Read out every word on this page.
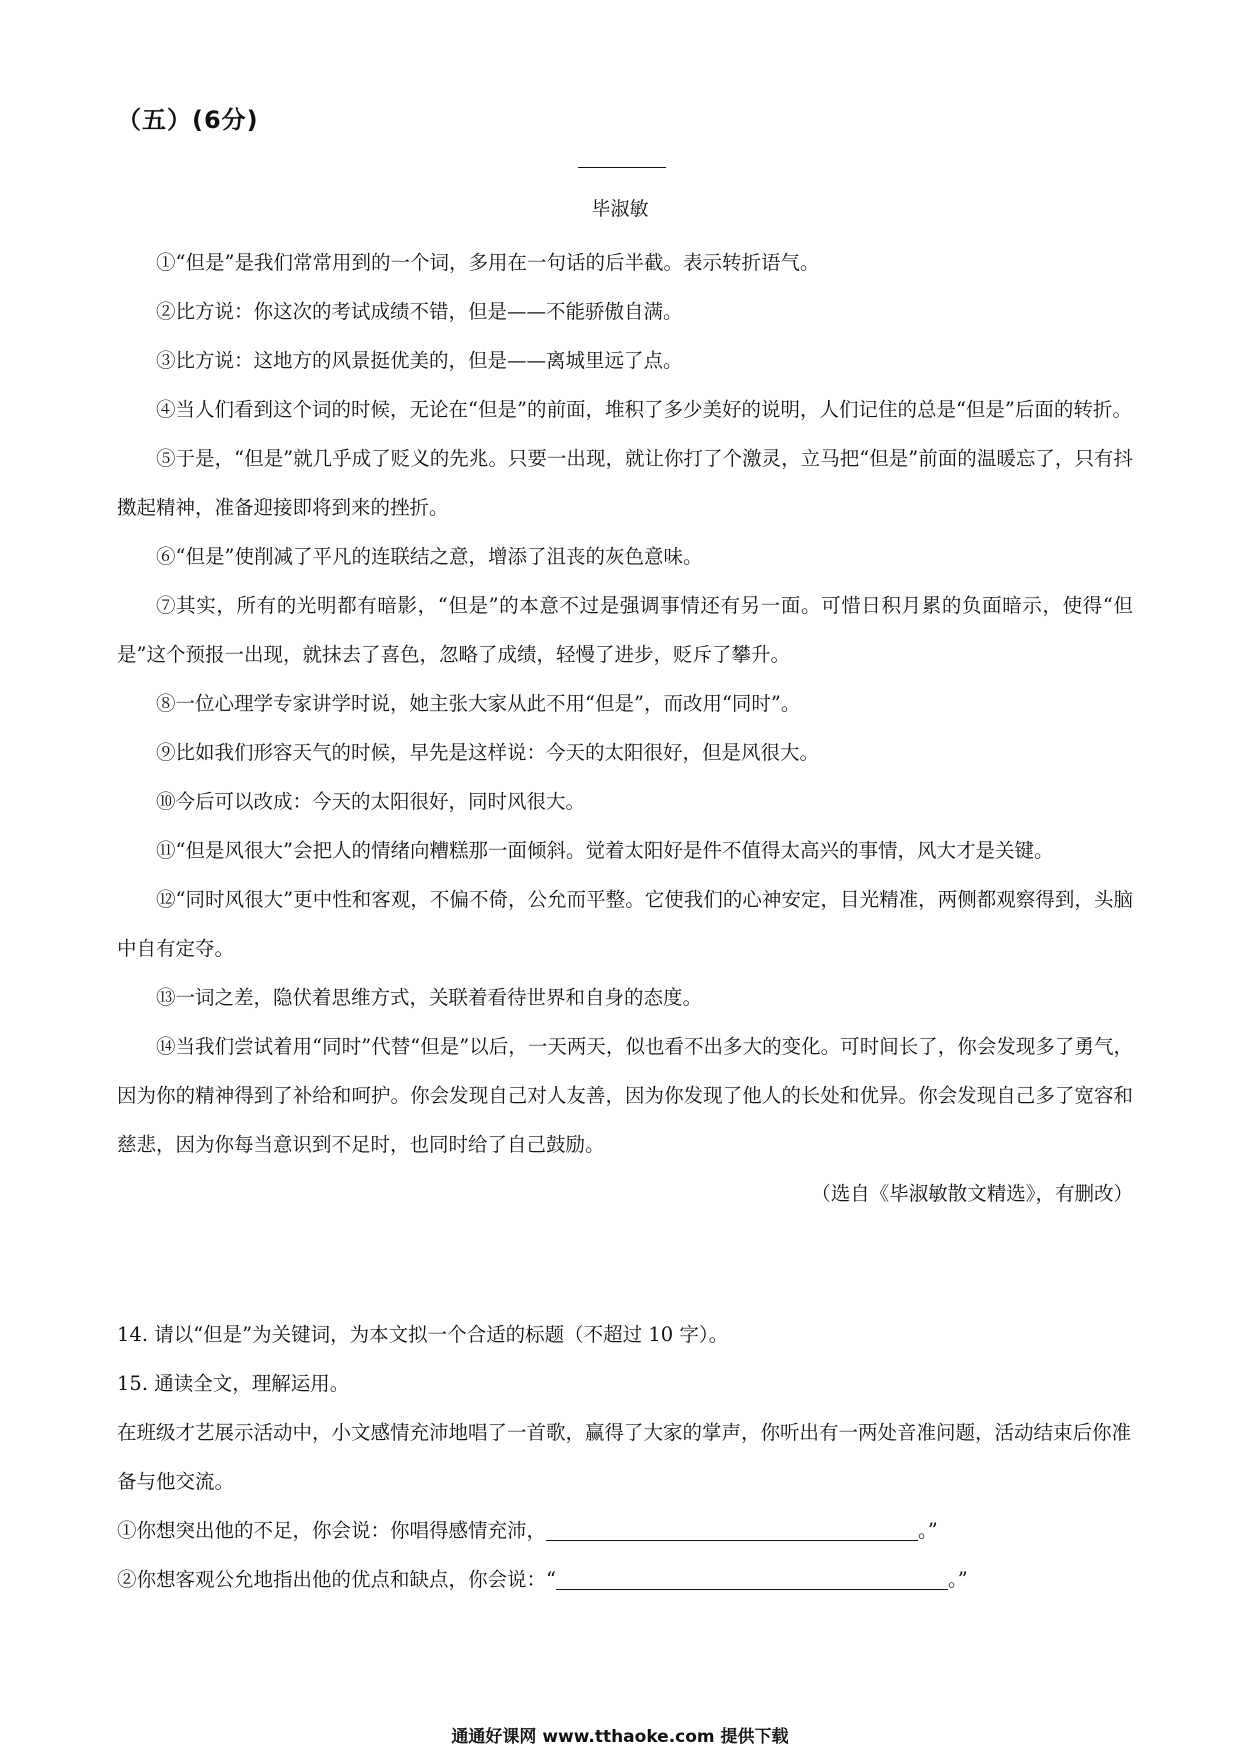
（五）(6分)
毕淑敏

①“但是”是我们常常用到的一个词，多用在一句话的后半截。表示转折语气。

②比方说：你这次的考试成绩不错，但是——不能骄傲自满。

③比方说：这地方的风景挺优美的，但是——离城里远了点。

④当人们看到这个词的时候，无论在“但是”的前面，堆积了多少美好的说明，人们记住的总是“但是”后面的转折。

⑤于是，“但是”就几乎成了贬义的先兆。只要一出现，就让你打了个激灵，立马把“但是”前面的温暖忘了，只有抖擞起精神，准备迎接即将到来的挫折。

⑥“但是”使削减了平凡的连联结之意，增添了沮丧的灰色意味。

⑦其实，所有的光明都有暗影，“但是”的本意不过是强调事情还有另一面。可惜日积月累的负面暗示，使得“但是”这个预报一出现，就抹去了喜色，忽略了成绩，轻慢了进步，贬斥了攀升。

⑧一位心理学专家讲学时说，她主张大家从此不用“但是”，而改用“同时”。

⑨比如我们形容天气的时候，早先是这样说：今天的太阳很好，但是风很大。

⑩今后可以改成：今天的太阳很好，同时风很大。

⑪“但是风很大”会把人的情绪向糟糕那一面倾斜。觉着太阳好是件不值得太高兴的事情，风大才是关键。

⑫“同时风很大”更中性和客观，不偏不倚，公允而平整。它使我们的心神安定，目光精准，两侧都观察得到，头脑中自有定夺。

⑬一词之差，隐伏着思维方式，关联着看待世界和自身的态度。

⑭当我们尝试着用“同时”代替“但是”以后，一天两天，似也看不出多大的变化。可时间长了，你会发现多了勇气，因为你的精神得到了补给和呵护。你会发现自己对人友善，因为你发现了他人的长处和优异。你会发现自己多了宽容和慈悲，因为你每当意识到不足时，也同时给了自己鼓励。

（选自《毕淑敏散文精选》，有删改）

14. 请以“但是”为关键词，为本文拟一个合适的标题（不超过 10 字）。

15. 通读全文，理解运用。

在班级才艺展示活动中，小文感情充沛地唱了一首歌，赢得了大家的掌声，你听出有一两处音准问题，活动结束后你准备与他交流。

①你想突出他的不足，你会说：你唱得感情充沛，	。”

②你想客观公允地指出他的优点和缺点，你会说：“	。”

通通好课网 www.tthaoke.com 提供下载
